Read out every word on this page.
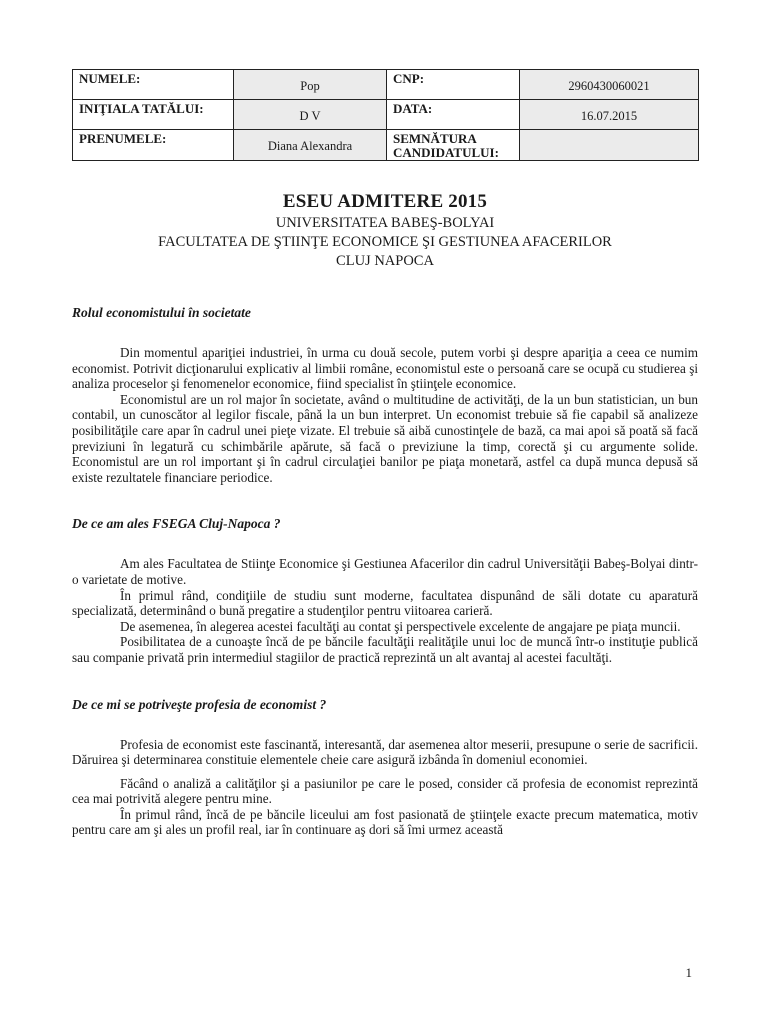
NUMELE:	Pop	CNP:	2960430060021
INIŢIALA TATĂLUI:	D V	DATA:	16.07.2015
PRENUMELE:	Diana Alexandra	SEMNĂTURA CANDIDATULUI:	
ESEU ADMITERE 2015
UNIVERSITATEA BABEŞ-BOLYAI
FACULTATEA DE ŞTIINŢE ECONOMICE ŞI GESTIUNEA AFACERILOR
CLUJ NAPOCA

Rolul economistului în societate

Din momentul apariţiei industriei, în urma cu două secole, putem vorbi şi despre apariţia a ceea ce numim economist. Potrivit dicţionarului explicativ al limbii române, economistul este o persoană care se ocupă cu studierea şi analiza proceselor şi fenomenelor economice, fiind specialist în ştiinţele economice.

Economistul are un rol major în societate, având o multitudine de activităţi, de la un bun statistician, un bun contabil, un cunoscător al legilor fiscale, până la un bun interpret. Un economist trebuie să fie capabil să analizeze posibilităţile care apar în cadrul unei pieţe vizate. El trebuie să aibă cunostinţele de bază, ca mai apoi să poată să facă previziuni în legatură cu schimbările apărute, să facă o previziune la timp, corectă şi cu argumente solide. Economistul are un rol important şi în cadrul circulaţiei banilor pe piaţa monetară, astfel ca după munca depusă să existe rezultatele financiare periodice.

De ce am ales FSEGA Cluj-Napoca ?

Am ales Facultatea de Stiinţe Economice şi Gestiunea Afacerilor din cadrul Universităţii Babeş-Bolyai dintr-o varietate de motive.

În primul rând, condiţiile de studiu sunt moderne, facultatea dispunând de săli dotate cu aparatură specializată, determinând o bună pregatire a studenţilor pentru viitoarea carieră.

De asemenea, în alegerea acestei facultăţi au contat şi perspectivele excelente de angajare pe piaţa muncii.

Posibilitatea de a cunoaşte încă de pe băncile facultăţii realităţile unui loc de muncă într-o instituţie publică sau companie privată prin intermediul stagiilor de practică reprezintă un alt avantaj al acestei facultăţi.

De ce mi se potriveşte profesia de economist ?

Profesia de economist este fascinantă, interesantă, dar asemenea altor meserii, presupune o serie de sacrificii. Dăruirea şi determinarea constituie elementele cheie care asigură izbânda în domeniul economiei.

Făcând o analiză a calităţilor şi a pasiunilor pe care le posed, consider că profesia de economist reprezintă cea mai potrivită alegere pentru mine.

În primul rând, încă de pe băncile liceului am fost pasionată de ştiinţele exacte precum matematica, motiv pentru care am şi ales un profil real, iar în continuare aş dori să îmi urmez această

1
